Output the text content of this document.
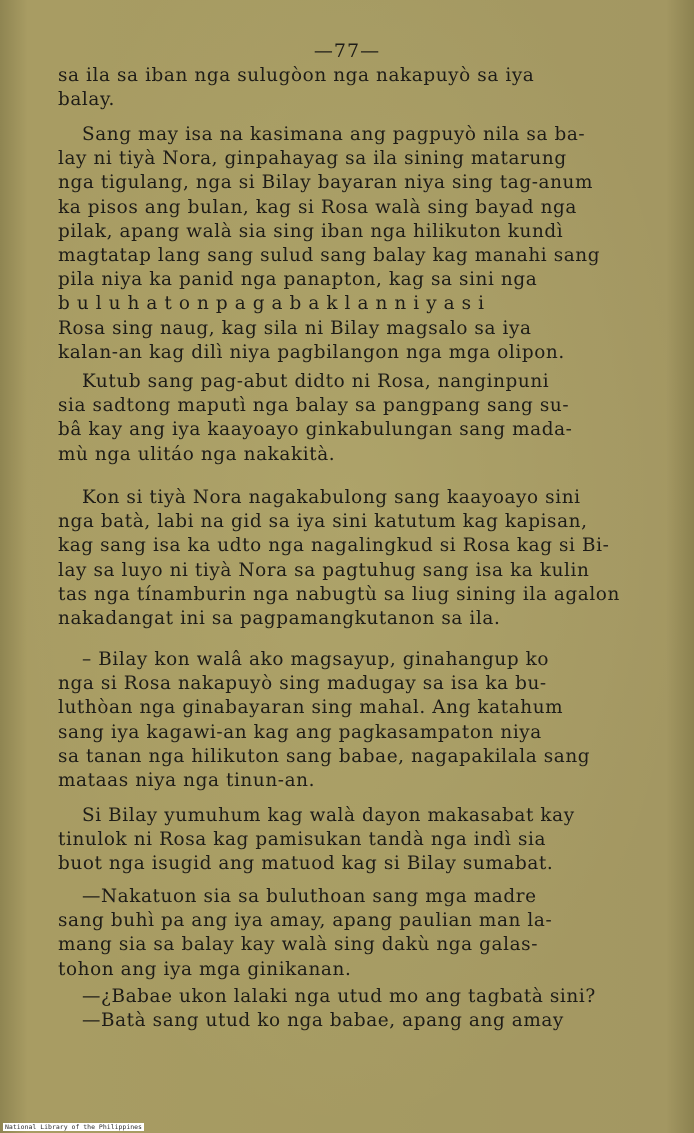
—77—

sa ila sa iban nga sulugòon nga nakapuyò sa iya
balay.

Sang may isa na kasimana ang pagpuyò nila sa ba-
lay ni tiyà Nora, ginpahayag sa ila sining matarung
nga tigulang, nga si Bilay bayaran niya sing tag-anum
ka pisos ang bulan, kag si Rosa walà sing bayad nga
pilak, apang walà sia sing iban nga hilikuton kundì
magtatap lang sang sulud sang balay kag manahi sang
pila niya ka panid nga panapton, kag sa sini nga
b u l u h a t o n p a g a b a k l a n n i y a s i
Rosa sing naug, kag sila ni Bilay magsalo sa iya
kalan-an kag dilì niya pagbilangon nga mga olipon.

Kutub sang pag-abut didto ni Rosa, nanginpuni
sia sadtong maputì nga balay sa pangpang sang su-
bâ kay ang iya kaayoayo ginkabulungan sang mada-
mù nga ulitáo nga nakakità.

Kon si tiyà Nora nagakabulong sang kaayoayo sini
nga batà, labi na gid sa iya sini katutum kag kapisan,
kag sang isa ka udto nga nagalingkud si Rosa kag si Bi-
lay sa luyo ni tiyà Nora sa pagtuhug sang isa ka kulin
tas nga tínamburin nga nabugtù sa liug sining ila agalon
nakadangat ini sa pagpamangkutanon sa ila.

– Bilay kon walâ ako magsayup, ginahangup ko
nga si Rosa nakapuyò sing madugay sa isa ka bu-
luthòan nga ginabayaran sing mahal. Ang katahum
sang iya kagawi-an kag ang pagkasampaton niya
sa tanan nga hilikuton sang babae, nagapakilala sang
mataas niya nga tinun-an.

Si Bilay yumuhum kag walà dayon makasabat kay
tinulok ni Rosa kag pamisukan tandà nga indì sia
buot nga isugid ang matuod kag si Bilay sumabat.

—Nakatuon sia sa buluthoan sang mga madre
sang buhì pa ang iya amay, apang paulian man la-
mang sia sa balay kay walà sing dakù nga galas-
tohon ang iya mga ginikanan.

—¿Babae ukon lalaki nga utud mo ang tagbatà sini?

—Batà sang utud ko nga babae, apang ang amay

National Library of the Philippines
